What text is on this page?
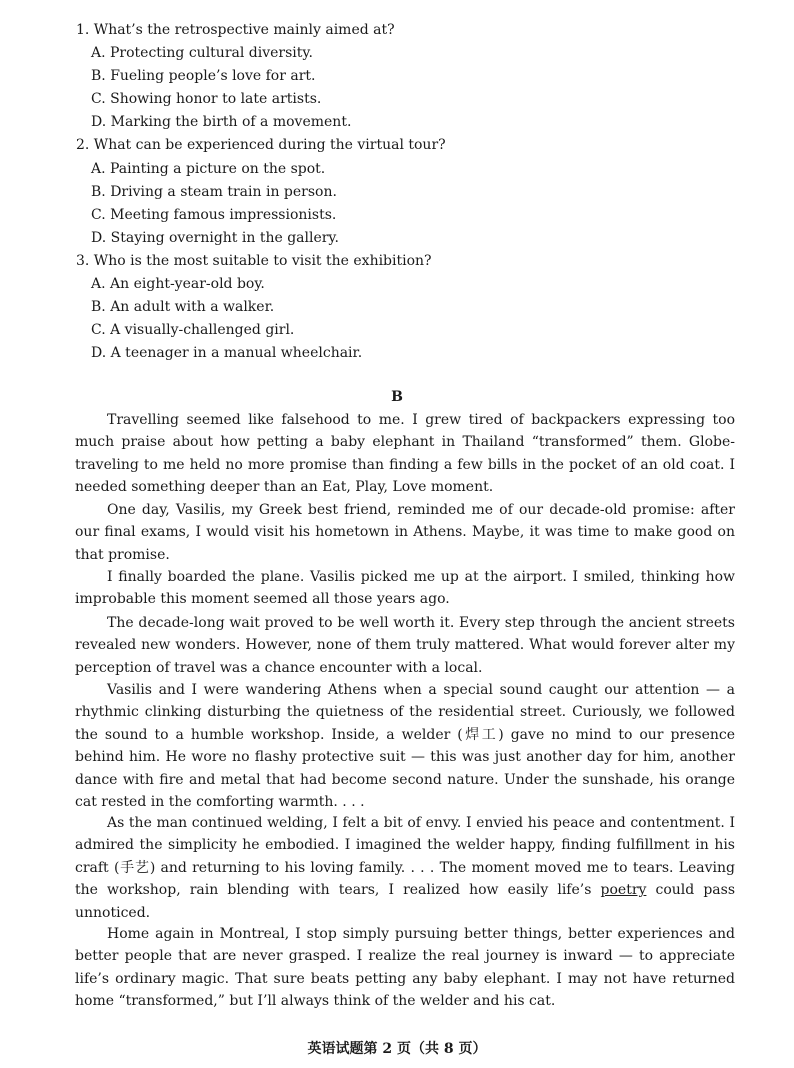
1. What’s the retrospective mainly aimed at?
A. Protecting cultural diversity.
B. Fueling people’s love for art.
C. Showing honor to late artists.
D. Marking the birth of a movement.
2. What can be experienced during the virtual tour?
A. Painting a picture on the spot.
B. Driving a steam train in person.
C. Meeting famous impressionists.
D. Staying overnight in the gallery.
3. Who is the most suitable to visit the exhibition?
A. An eight-year-old boy.
B. An adult with a walker.
C. A visually-challenged girl.
D. A teenager in a manual wheelchair.
B
Travelling seemed like falsehood to me. I grew tired of backpackers expressing too much praise about how petting a baby elephant in Thailand “transformed” them. Globe-traveling to me held no more promise than finding a few bills in the pocket of an old coat. I needed something deeper than an Eat, Play, Love moment.
One day, Vasilis, my Greek best friend, reminded me of our decade-old promise: after our final exams, I would visit his hometown in Athens. Maybe, it was time to make good on that promise.
I finally boarded the plane. Vasilis picked me up at the airport. I smiled, thinking how improbable this moment seemed all those years ago.
The decade-long wait proved to be well worth it. Every step through the ancient streets revealed new wonders. However, none of them truly mattered. What would forever alter my perception of travel was a chance encounter with a local.
Vasilis and I were wandering Athens when a special sound caught our attention — a rhythmic clinking disturbing the quietness of the residential street. Curiously, we followed the sound to a humble workshop. Inside, a welder (焊工) gave no mind to our presence behind him. He wore no flashy protective suit — this was just another day for him, another dance with fire and metal that had become second nature. Under the sunshade, his orange cat rested in the comforting warmth. . . .
As the man continued welding, I felt a bit of envy. I envied his peace and contentment. I admired the simplicity he embodied. I imagined the welder happy, finding fulfillment in his craft (手艺) and returning to his loving family. . . . The moment moved me to tears. Leaving the workshop, rain blending with tears, I realized how easily life’s poetry could pass unnoticed.
Home again in Montreal, I stop simply pursuing better things, better experiences and better people that are never grasped. I realize the real journey is inward — to appreciate life’s ordinary magic. That sure beats petting any baby elephant. I may not have returned home “transformed,” but I’ll always think of the welder and his cat.
英语试题第 2 页（共 8 页）
